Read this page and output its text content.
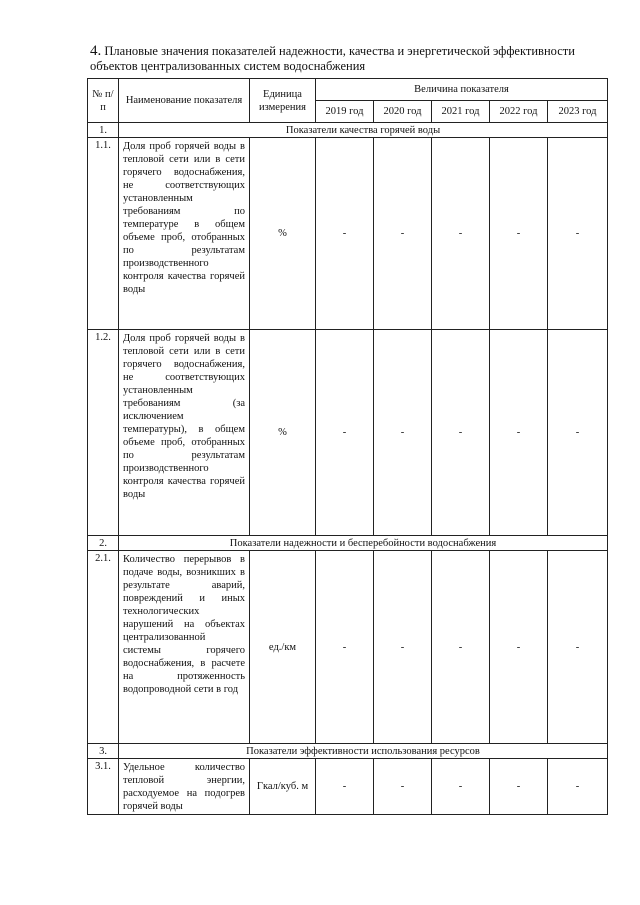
4. Плановые значения показателей надежности, качества и энергетической эффективности объектов централизованных систем водоснабжения
№ п/п	Наименование показателя	Единица измерения	Величина показателя				
			2019 год	2020 год	2021 год	2022 год	2023 год
1.	Показатели качества горячей воды						
1.1.	Доля проб горячей воды в тепловой сети или в сети горячего водоснабжения, не соответствующих установленным требованиям по температуре в общем объеме проб, отобранных по результатам производственного контроля качества горячей воды	%	-	-	-	-	-
1.2.	Доля проб горячей воды в тепловой сети или в сети горячего водоснабжения, не соответствующих установленным требованиям (за исключением температуры), в общем объеме проб, отобранных по результатам производственного контроля качества горячей воды	%	-	-	-	-	-
2.	Показатели надежности и бесперебойности водоснабжения						
2.1.	Количество перерывов в подаче воды, возникших в результате аварий, повреждений и иных технологических нарушений на объектах централизованной системы горячего водоснабжения, в расчете на протяженность водопроводной сети в год	ед./км	-	-	-	-	-
3.	Показатели эффективности использования ресурсов						
3.1.	Удельное количество тепловой энергии, расходуемое на подогрев горячей воды	Гкал/куб. м	-	-	-	-	-
